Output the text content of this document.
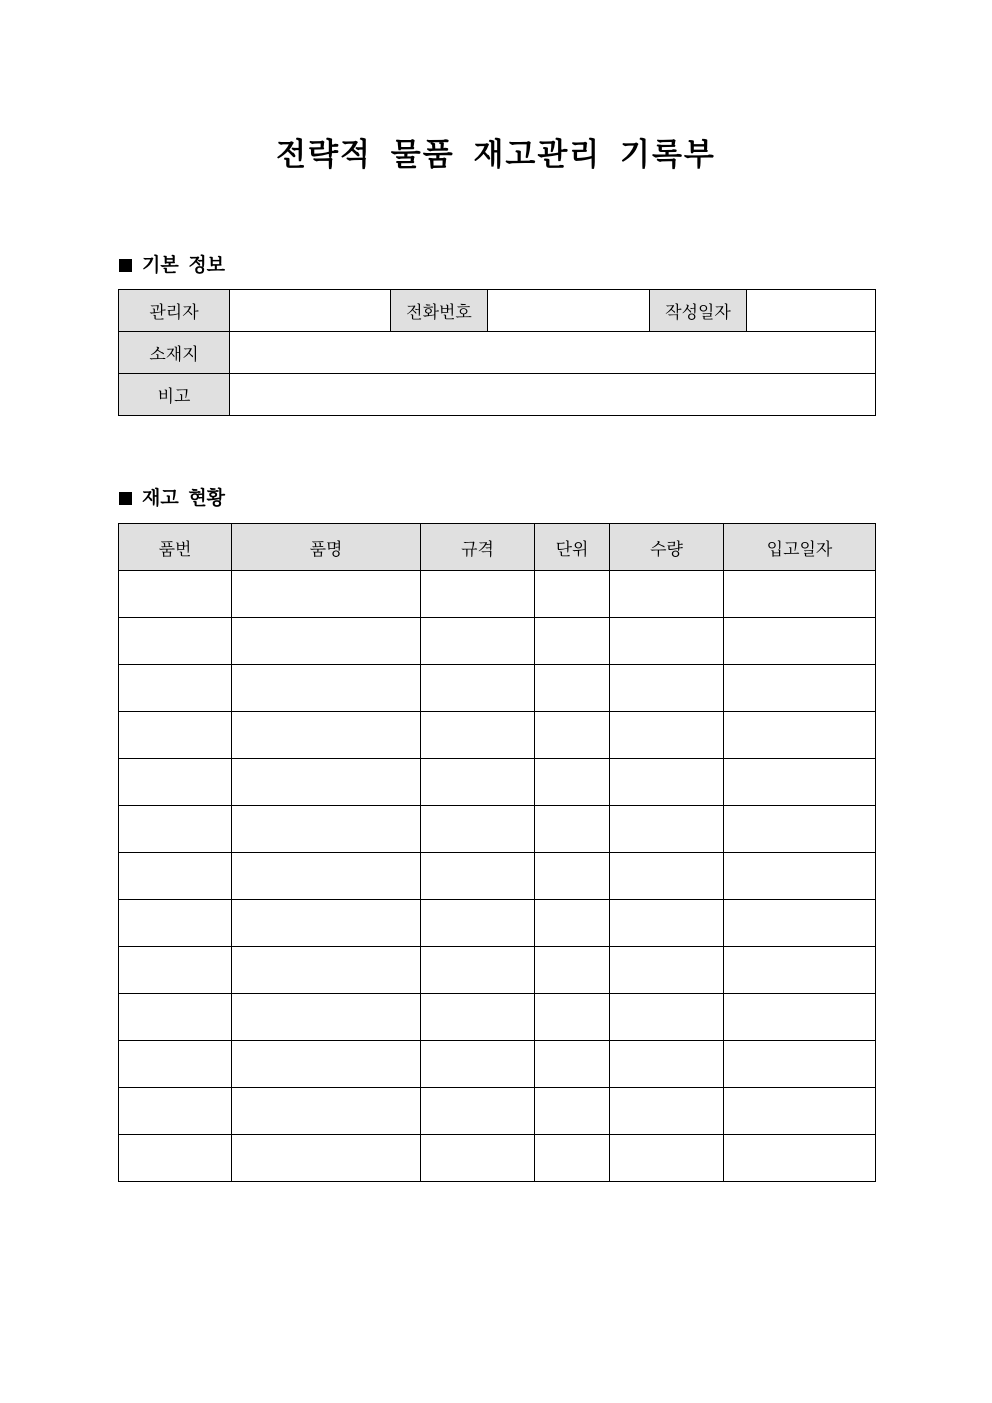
전략적 물품 재고관리 기록부
기본 정보
관리자		전화번호		작성일자	
소재지					
비고					
재고 현황
품번	품명	규격	단위	수량	입고일자
